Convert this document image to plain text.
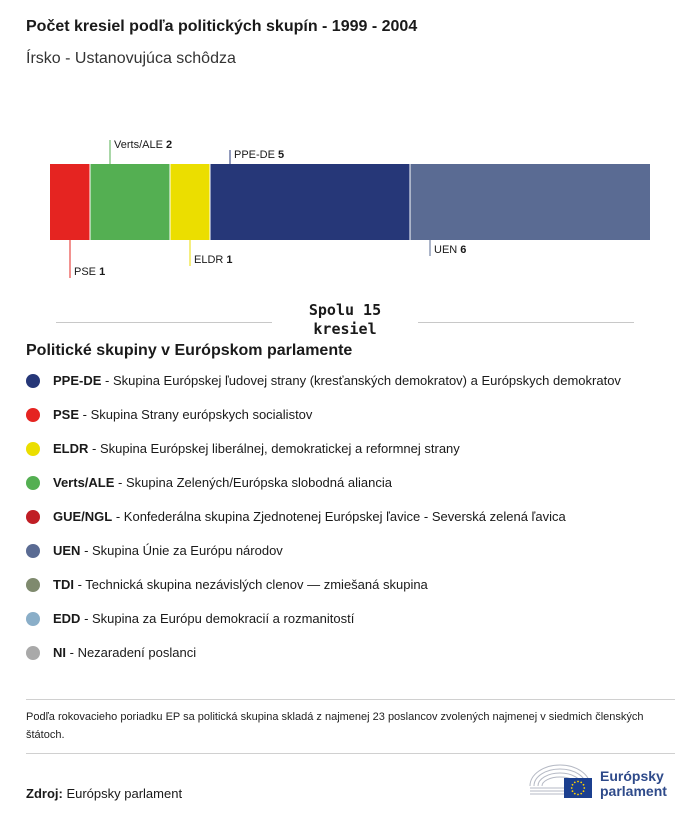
Počet kresiel podľa politických skupín - 1999 - 2004
Írsko - Ustanovujúca schôdza
PSE 1
Verts/ALE 2
ELDR 1
PPE-DE 5
UEN 6
Spolu 15
kresiel
Politické skupiny v Európskom parlamente
PPE-DE - Skupina Európskej ľudovej strany (kresťanských demokratov) a Európskych demokratov
PSE - Skupina Strany európskych socialistov
ELDR - Skupina Európskej liberálnej, demokratickej a reformnej strany
Verts/ALE - Skupina Zelených/Európska slobodná aliancia
GUE/NGL - Konfederálna skupina Zjednotenej Európskej ľavice - Severská zelená ľavica
UEN - Skupina Únie za Európu národov
TDI - Technická skupina nezávislých clenov — zmiešaná skupina
EDD - Skupina za Európu demokracií a rozmanitostí
NI - Nezaradení poslanci
Podľa rokovacieho poriadku EP sa politická skupina skladá z najmenej 23 poslancov zvolených najmenej v siedmich členských štátoch.
Zdroj: Európsky parlament
Európsky
parlament
